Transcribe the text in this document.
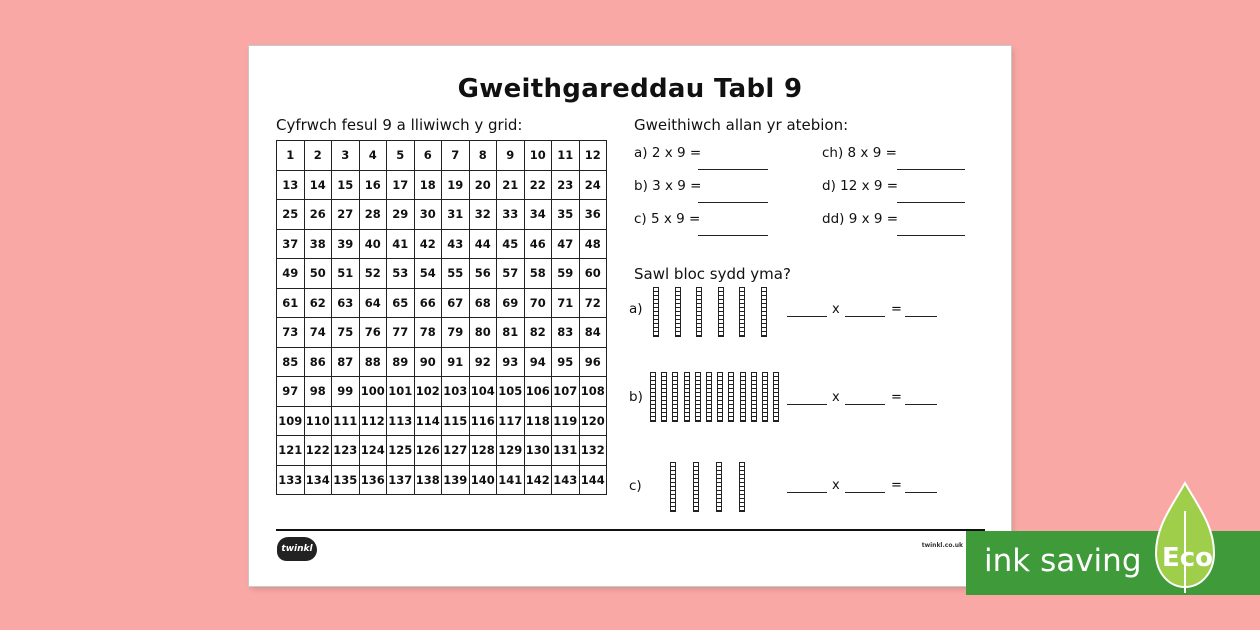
Gweithgareddau Tabl 9
Cyfrwch fesul 9 a lliwiwch y grid:
1	2	3	4	5	6	7	8	9	10	11	12
13	14	15	16	17	18	19	20	21	22	23	24
25	26	27	28	29	30	31	32	33	34	35	36
37	38	39	40	41	42	43	44	45	46	47	48
49	50	51	52	53	54	55	56	57	58	59	60
61	62	63	64	65	66	67	68	69	70	71	72
73	74	75	76	77	78	79	80	81	82	83	84
85	86	87	88	89	90	91	92	93	94	95	96
97	98	99	100	101	102	103	104	105	106	107	108
109	110	111	112	113	114	115	116	117	118	119	120
121	122	123	124	125	126	127	128	129	130	131	132
133	134	135	136	137	138	139	140	141	142	143	144
Gweithiwch allan yr atebion:
a) 2 x 9 =
b) 3 x 9 =
c) 5 x 9 =
ch) 8 x 9 =
d) 12 x 9 =
dd) 9 x 9 =
Sawl bloc sydd yma?
a)	x	=
b)	x	=
c)	x	=
twinkl	twinkl.co.uk ink saving Eco
